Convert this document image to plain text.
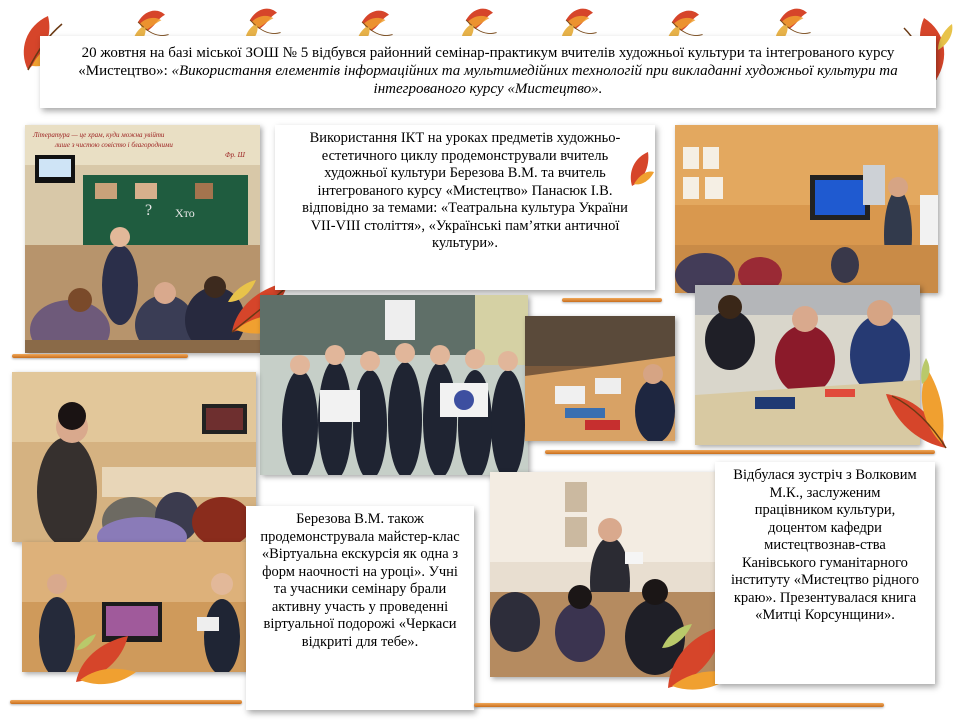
20 жовтня на базі міської ЗОШ № 5 відбувся районний семінар-практикум вчителів художньої культури та інтегрованого курсу «Мистецтво»: «Використання елементів інформаційних та мультимедійних технологій при викладанні художньої культури та інтегрованого курсу «Мистецтво».
Література — це храм, куди можна увійти
лише з чистою совістю і благородними
Фр. Ш
? Хто
Використання ІКТ на уроках предметів художньо-естетичного циклу продемонстрували вчитель художньої культури Березова В.М. та вчитель інтегрованого курсу «Мистецтво» Панасюк І.В. відповідно за темами: «Театральна культура України VІІ-VІІІ століття», «Українські пам’ятки античної культури».
Березова В.М. також продемонструвала майстер-клас «Віртуальна екскурсія як одна з форм наочності на уроці». Учні та учасники семінару брали активну участь у проведенні віртуальної подорожі «Черкаси відкриті для тебе».
Відбулася зустріч з Волковим М.К., заслуженим працівником культури, доцентом кафедри мистецтвознав-ства Канівського гуманітарного інституту «Мистецтво рідного краю». Презентувалася книга «Митці Корсунщини».
